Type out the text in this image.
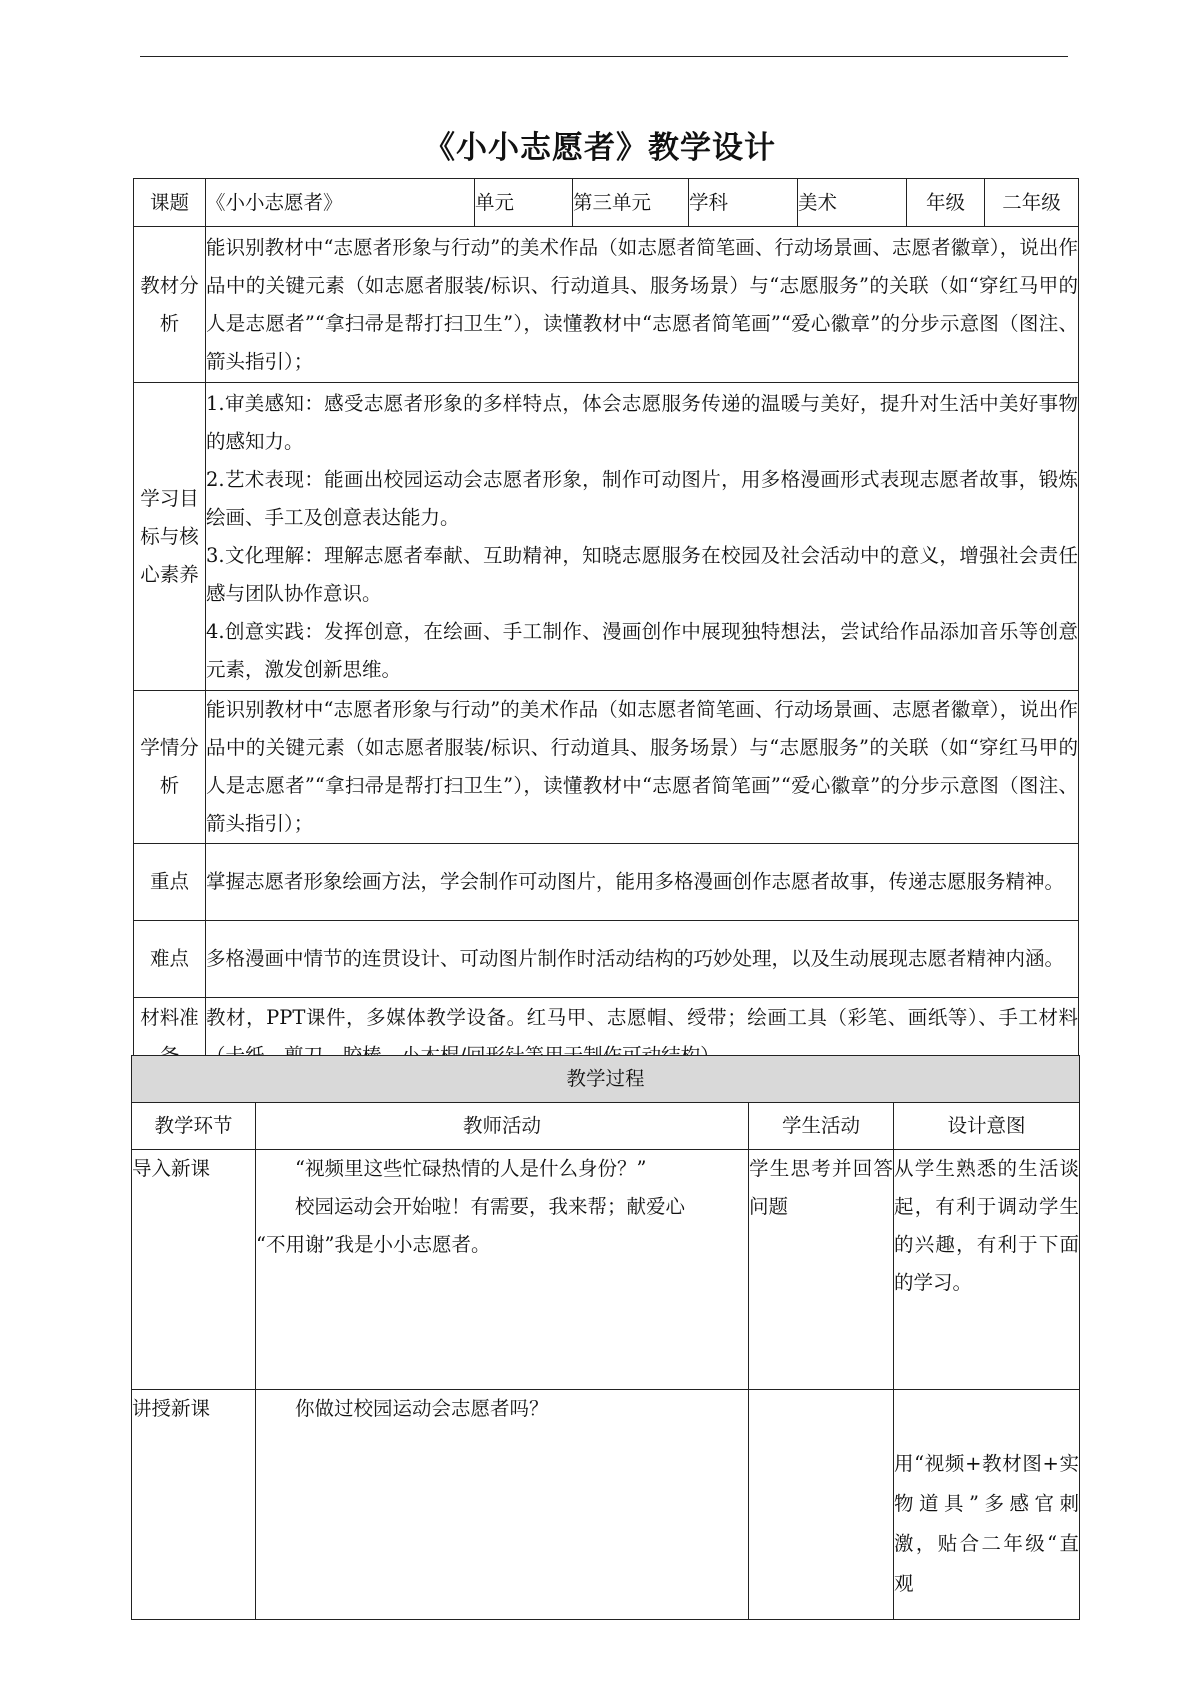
《小小志愿者》教学设计
课题	《小小志愿者》	单元	第三单元	学科	美术	年级	二年级
教材分析	能识别教材中“志愿者形象与行动”的美术作品（如志愿者简笔画、行动场景画、志愿者徽章），说出作品中的关键元素（如志愿者服装/标识、行动道具、服务场景）与“志愿服务”的关联（如“穿红马甲的人是志愿者”“拿扫帚是帮打扫卫生”），读懂教材中“志愿者简笔画”“爱心徽章”的分步示意图（图注、箭头指引）；						
学习目标与核心素养	1.审美感知：感受志愿者形象的多样特点，体会志愿服务传递的温暖与美好，提升对生活中美好事物的感知力。
2.艺术表现：能画出校园运动会志愿者形象，制作可动图片，用多格漫画形式表现志愿者故事，锻炼绘画、手工及创意表达能力。
3.文化理解：理解志愿者奉献、互助精神，知晓志愿服务在校园及社会活动中的意义，增强社会责任感与团队协作意识。
4.创意实践：发挥创意，在绘画、手工制作、漫画创作中展现独特想法，尝试给作品添加音乐等创意元素，激发创新思维。						

学情分析	能识别教材中“志愿者形象与行动”的美术作品（如志愿者简笔画、行动场景画、志愿者徽章），说出作品中的关键元素（如志愿者服装/标识、行动道具、服务场景）与“志愿服务”的关联（如“穿红马甲的人是志愿者”“拿扫帚是帮打扫卫生”），读懂教材中“志愿者简笔画”“爱心徽章”的分步示意图（图注、箭头指引）；						
重点	掌握志愿者形象绘画方法，学会制作可动图片，能用多格漫画创作志愿者故事，传递志愿服务精神。						
难点	多格漫画中情节的连贯设计、可动图片制作时活动结构的巧妙处理，以及生动展现志愿者精神内涵。						
材料准	教材，PPT课件，多媒体教学设备。红马甲、志愿帽、绶带；绘画工具（彩笔、画纸等）、手工材料						
教学过程			
教学环节	教师活动	学生活动	设计意图
导入新课	“视频里这些忙碌热情的人是什么身份？”
校园运动会开始啦！有需要，我来帮；献爱心
“不用谢”我是小小志愿者。	学生思考并回答问题	从学生熟悉的生活谈起，有利于调动学生的兴趣，有利于下面的学习。
讲授新课	你做过校园运动会志愿者吗？		用“视频+教材图+实物道具”多感官刺激，贴合二年级“直观
